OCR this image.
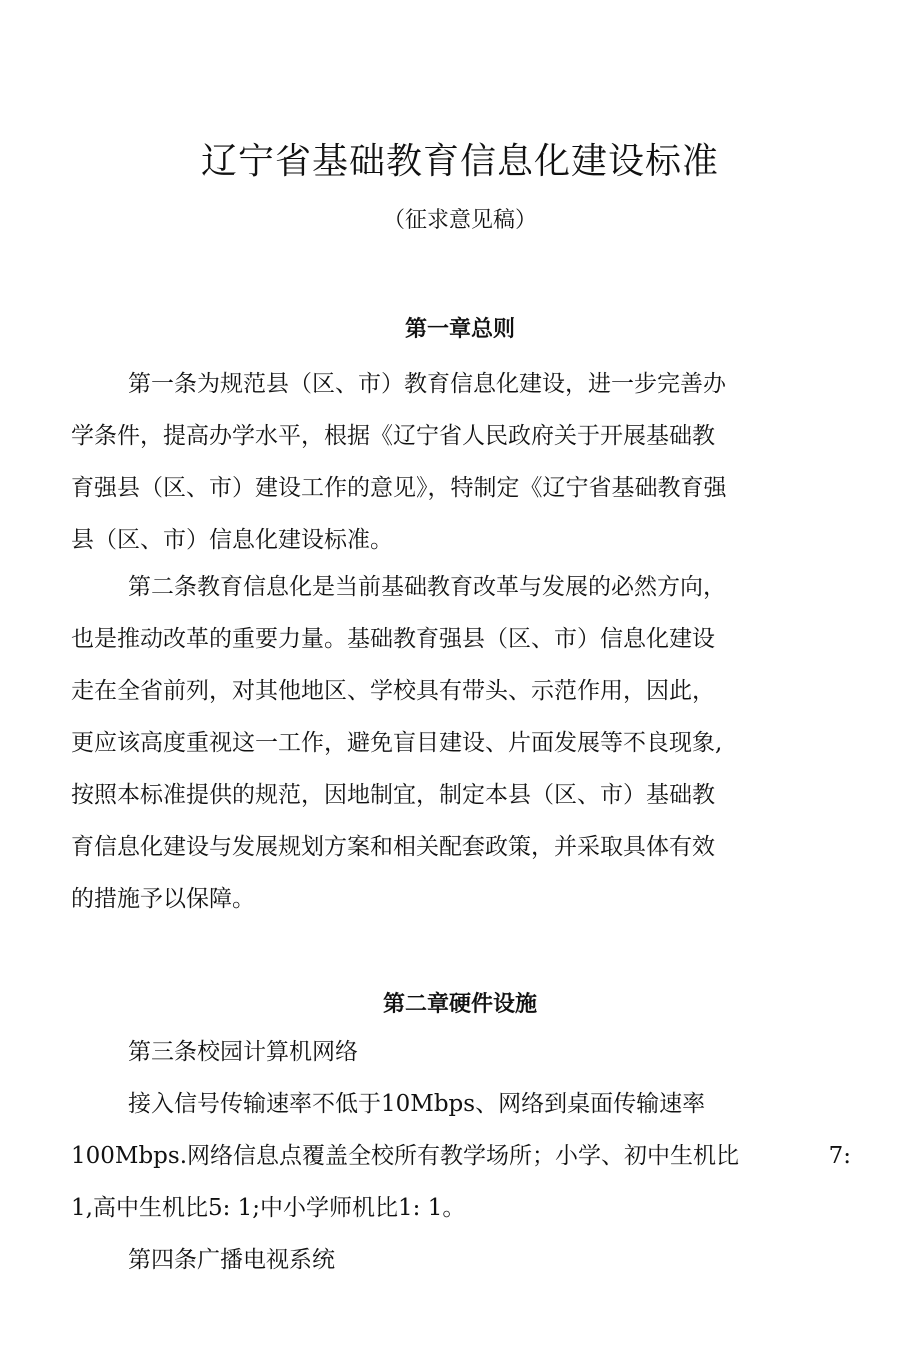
辽宁省基础教育信息化建设标准
（征求意见稿）
第一章总则
第一条为规范县（区、市）教育信息化建设，进一步完善办
学条件，提高办学水平，根据《辽宁省人民政府关于开展基础教
育强县（区、市）建设工作的意见》，特制定《辽宁省基础教育强
县（区、市）信息化建设标准。
第二条教育信息化是当前基础教育改革与发展的必然方向，
也是推动改革的重要力量。基础教育强县（区、市）信息化建设
走在全省前列，对其他地区、学校具有带头、示范作用，因此，
更应该高度重视这一工作，避免盲目建设、片面发展等不良现象,
按照本标准提供的规范，因地制宜，制定本县（区、市）基础教
育信息化建设与发展规划方案和相关配套政策，并采取具体有效
的措施予以保障。
第二章硬件设施
第三条校园计算机网络
接入信号传输速率不低于10Mbps、网络到桌面传输速率
100Mbps.网络信息点覆盖全校所有教学场所；小学、初中生机比	7:
1,高中生机比5: 1;中小学师机比1: 1。
第四条广播电视系统
